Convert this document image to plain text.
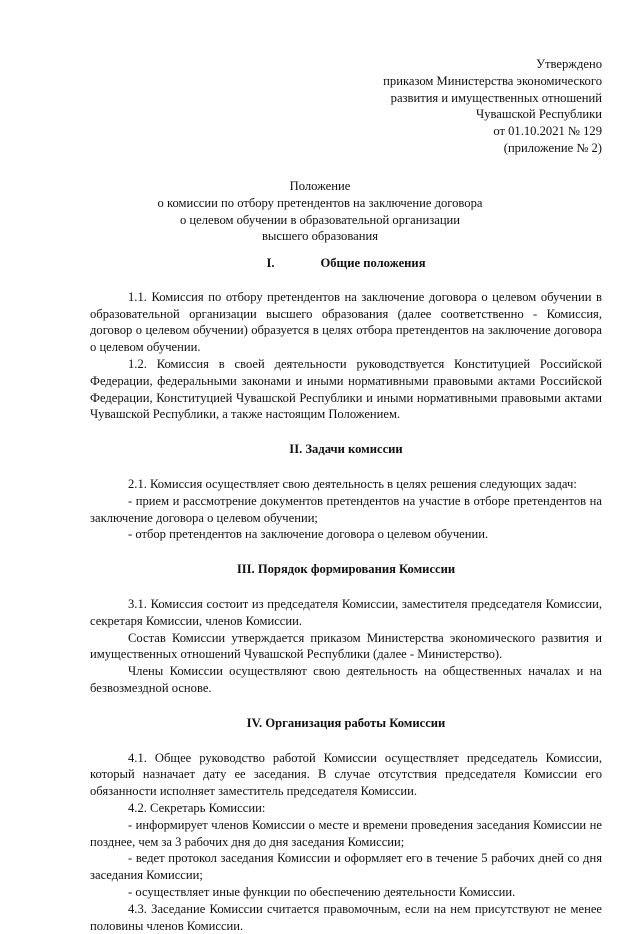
Утверждено
приказом Министерства экономического
развития и имущественных отношений
Чувашской Республики
от 01.10.2021 № 129
(приложение № 2)
Положение
о комиссии по отбору претендентов на заключение договора
о целевом обучении в образовательной организации
высшего образования
I.	Общие положения

1.1. Комиссия по отбору претендентов на заключение договора о целевом обучении в образовательной организации высшего образования (далее соответственно - Комиссия, договор о целевом обучении) образуется в целях отбора претендентов на заключение договора о целевом обучении.

1.2. Комиссия в своей деятельности руководствуется Конституцией Российской Федерации, федеральными законами и иными нормативными правовыми актами Российской Федерации, Конституцией Чувашской Республики и иными нормативными правовыми актами Чувашской Республики, а также настоящим Положением.

II. Задачи комиссии

2.1. Комиссия осуществляет свою деятельность в целях решения следующих задач:

- прием и рассмотрение документов претендентов на участие в отборе претендентов на заключение договора о целевом обучении;

- отбор претендентов на заключение договора о целевом обучении.

III. Порядок формирования Комиссии

3.1. Комиссия состоит из председателя Комиссии, заместителя председателя Комиссии, секретаря Комиссии, членов Комиссии.

Состав Комиссии утверждается приказом Министерства экономического развития и имущественных отношений Чувашской Республики (далее - Министерство).

Члены Комиссии осуществляют свою деятельность на общественных началах и на безвозмездной основе.

IV. Организация работы Комиссии

4.1. Общее руководство работой Комиссии осуществляет председатель Комиссии, который назначает дату ее заседания. В случае отсутствия председателя Комиссии его обязанности исполняет заместитель председателя Комиссии.

4.2. Секретарь Комиссии:

- информирует членов Комиссии о месте и времени проведения заседания Комиссии не позднее, чем за 3 рабочих дня до дня заседания Комиссии;

- ведет протокол заседания Комиссии и оформляет его в течение 5 рабочих дней со дня заседания Комиссии;

- осуществляет иные функции по обеспечению деятельности Комиссии.

4.3. Заседание Комиссии считается правомочным, если на нем присутствуют не менее половины членов Комиссии.
